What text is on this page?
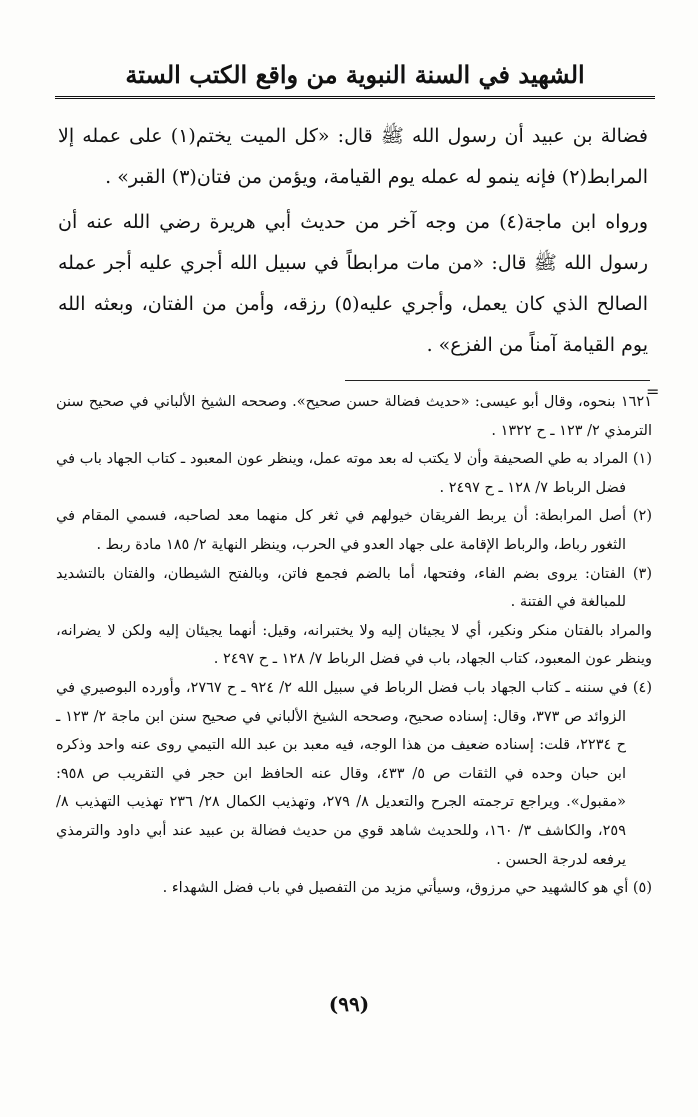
الشهيد في السنة النبوية من واقع الكتب الستة

فضالة بن عبيد أن رسول الله ﷺ قال: «كل الميت يختم(١) على عمله إلا المرابط(٢) فإنه ينمو له عمله يوم القيامة، ويؤمن من فتان(٣) القبر» .

ورواه ابن ماجة(٤) من وجه آخر من حديث أبي هريرة رضي الله عنه أن رسول الله ﷺ قال: «من مات مرابطاً في سبيل الله أجري عليه أجر عمله الصالح الذي كان يعمل، وأجري عليه(٥) رزقه، وأمن من الفتان، وبعثه الله يوم القيامة آمناً من الفزع» .

=

١٦٢١ بنحوه، وقال أبو عيسى: «حديث فضالة حسن صحيح». وصححه الشيخ الألباني في صحيح سنن الترمذي ٢/ ١٢٣ ـ ح ١٣٢٢ .

(١) المراد به طي الصحيفة وأن لا يكتب له بعد موته عمل، وينظر عون المعبود ـ كتاب الجهاد باب في فضل الرباط ٧/ ١٢٨ ـ ح ٢٤٩٧ .

(٢) أصل المرابطة: أن يربط الفريقان خيولهم في ثغر كل منهما معد لصاحبه، فسمي المقام في الثغور رباط، والرباط الإقامة على جهاد العدو في الحرب، وينظر النهاية ٢/ ١٨٥ مادة ربط .

(٣) الفتان: يروى بضم الفاء، وفتحها، أما بالضم فجمع فاتن، وبالفتح الشيطان، والفتان بالتشديد للمبالغة في الفتنة .

والمراد بالفتان منكر ونكير، أي لا يجيئان إليه ولا يختبرانه، وقيل: أنهما يجيئان إليه ولكن لا يضرانه، وينظر عون المعبود، كتاب الجهاد، باب في فضل الرباط ٧/ ١٢٨ ـ ح ٢٤٩٧ .

(٤) في سننه ـ كتاب الجهاد باب فضل الرباط في سبيل الله ٢/ ٩٢٤ ـ ح ٢٧٦٧، وأورده البوصيري في الزوائد ص ٣٧٣، وقال: إسناده صحيح، وصححه الشيخ الألباني في صحيح سنن ابن ماجة ٢/ ١٢٣ ـ ح ٢٢٣٤، قلت: إسناده ضعيف من هذا الوجه، فيه معبد بن عبد الله التيمي روى عنه واحد وذكره ابن حبان وحده في الثقات ص ٥/ ٤٣٣، وقال عنه الحافظ ابن حجر في التقريب ص ٩٥٨: «مقبول». ويراجع ترجمته الجرح والتعديل ٨/ ٢٧٩، وتهذيب الكمال ٢٨/ ٢٣٦ تهذيب التهذيب ٨/ ٢٥٩، والكاشف ٣/ ١٦٠، وللحديث شاهد قوي من حديث فضالة بن عبيد عند أبي داود والترمذي يرفعه لدرجة الحسن .

(٥) أي هو كالشهيد حي مرزوق، وسيأتي مزيد من التفصيل في باب فضل الشهداء .

(٩٩)
